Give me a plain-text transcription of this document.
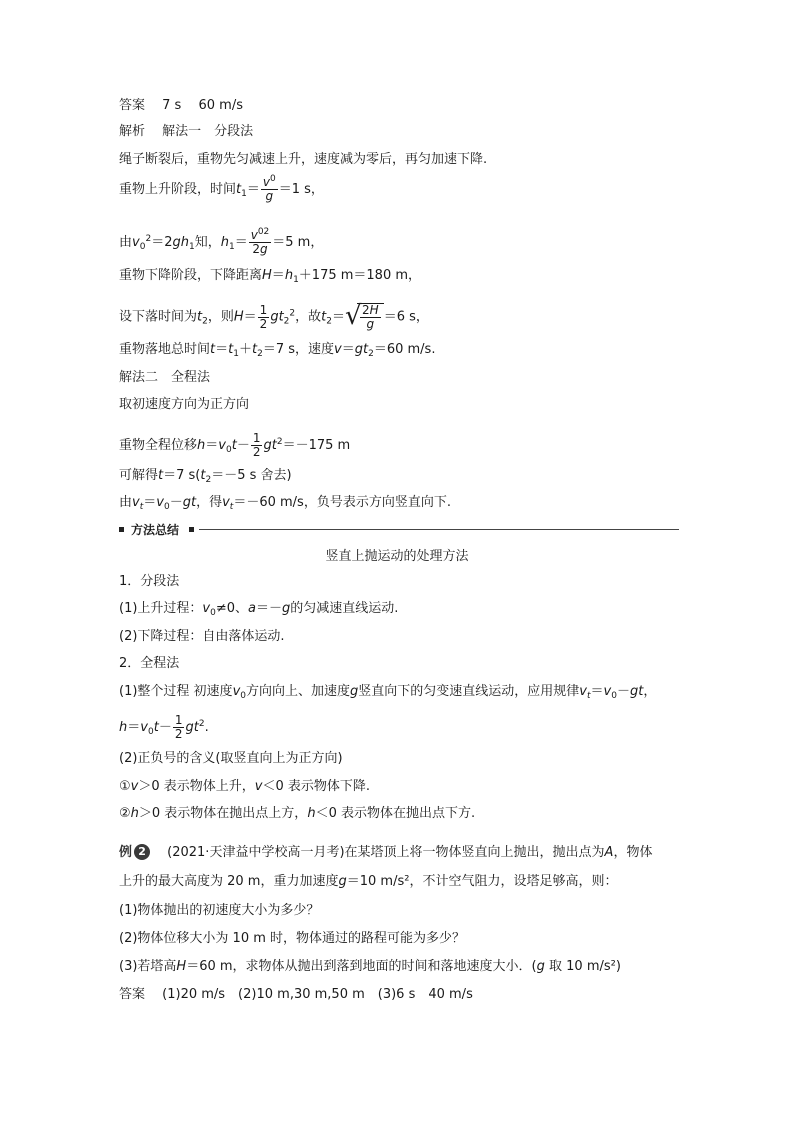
答案　 7 s　 60 m/s
解析　 解法一　分段法
绳子断裂后，重物先匀减速上升，速度减为零后，再匀加速下降.
重物上升阶段，时间$t_1= \frac{v^0}{g} =1$ s，
由$v_0^2=2gh_1$知，$h_1= \frac{v^{02}}{2g} =5$ m，
重物下降阶段，下降距离$H=h_1+175$ m＝180 m，
设下落时间为$t_2$，则$H= \frac{1}{2} gt_2^2$，故$t_2=$ √
$\frac{2H}{g} =6$ s，
重物落地总时间$t=t_1+t_2=7$ s，速度$v=gt_2=60$ m/s.
解法二　全程法
取初速度方向为正方向
重物全程位移$h=v_0t- \frac{1}{2} gt^2=-175$ m
可解得t＝7 $s(t_2=-5$ s 舍去)
由$v_t=v_0-gt$，得$v_t=-60$ m/s，负号表示方向竖直向下.
方法总结
竖直上抛运动的处理方法
1．分段法
(1)上升过程：$v_0\ne 0$、a＝－g的匀减速直线运动.
(2)下降过程：自由落体运动.
2．全程法
(1)整个过程 初速度$v_0$方向向上、加速度g竖直向下的匀变速直线运动，应用规律$v_t=v_0-gt$，
$h=v_0t- \frac{1}{2} gt^2$.
(2)正负号的含义(取竖直向上为正方向)
①v＞0 表示物体上升，v＜0 表示物体下降.
②h＞0 表示物体在抛出点上方，h＜0 表示物体在抛出点下方.
例 2 　 (2021·天津益中学校高一月考)在某塔顶上将一物体竖直向上抛出，抛出点为A，物体
上升的最大高度为 20 m，重力加速度g＝10 m/s²，不计空气阻力，设塔足够高，则：
(1)物体抛出的初速度大小为多少？
(2)物体位移大小为 10 m 时，物体通过的路程可能为多少？
(3)若塔高H＝60 m，求物体从抛出到落到地面的时间和落地速度大小．(g 取 10 m/s²)
答案　 (1)20 m/s　(2)10 m,30 m,50 m　(3)6 s　40 m/s
